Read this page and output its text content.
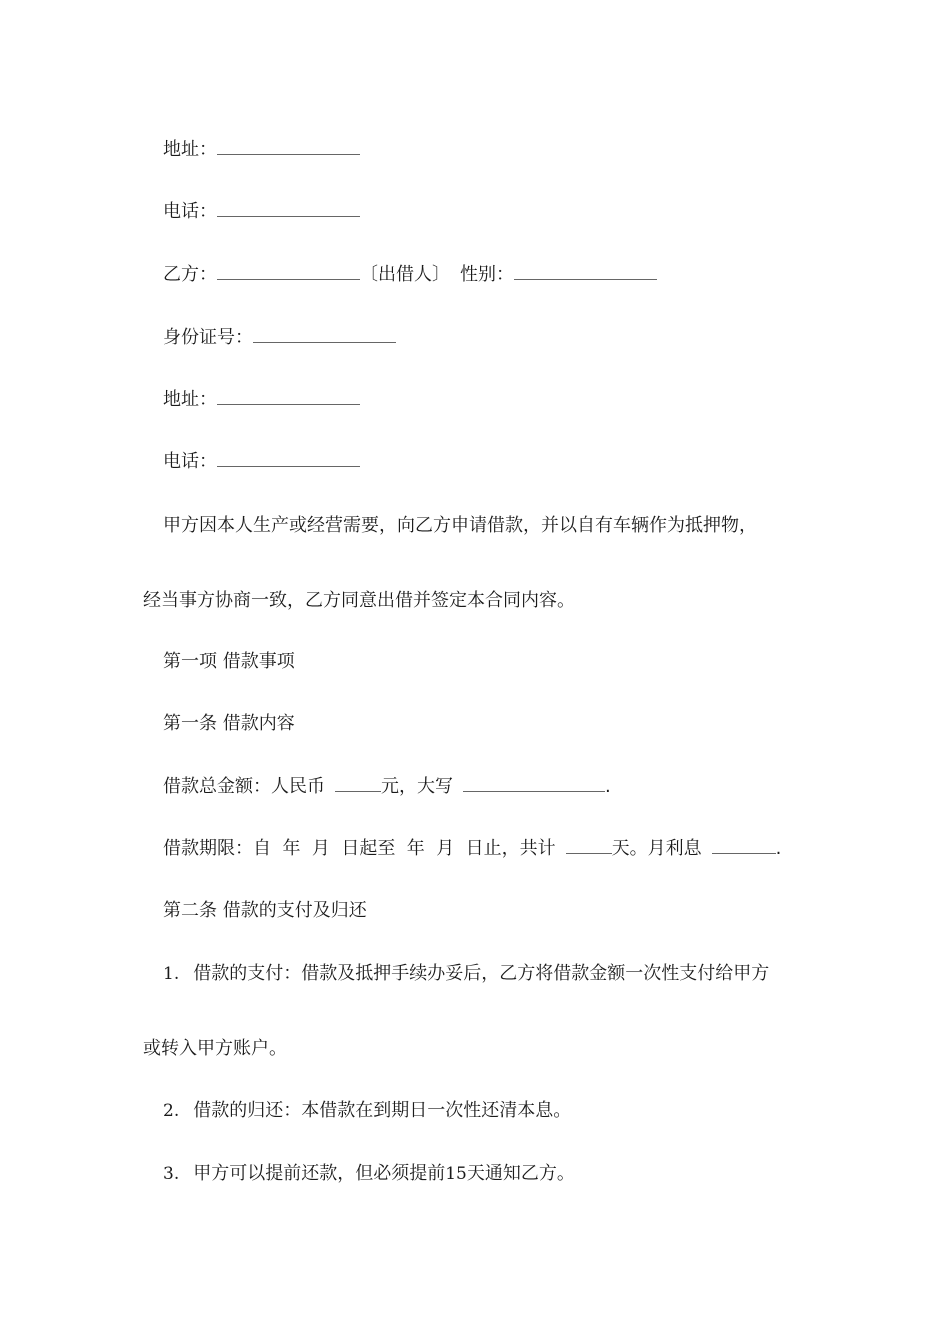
地址：
电话：
乙方：	〔出借人〕 性别：
身份证号：
地址：
电话：
甲方因本人生产或经营需要，向乙方申请借款，并以自有车辆作为抵押物，
经当事方协商一致，乙方同意出借并签定本合同内容。
第一项 借款事项
第一条 借款内容
借款总金额：人民币	元，大写	.
借款期限：自  年  月  日起至  年  月  日止，共计	天。月利息	.
第二条 借款的支付及归还
1. 借款的支付：借款及抵押手续办妥后，乙方将借款金额一次性支付给甲方
或转入甲方账户。
2. 借款的归还：本借款在到期日一次性还清本息。
3. 甲方可以提前还款，但必须提前15天通知乙方。
